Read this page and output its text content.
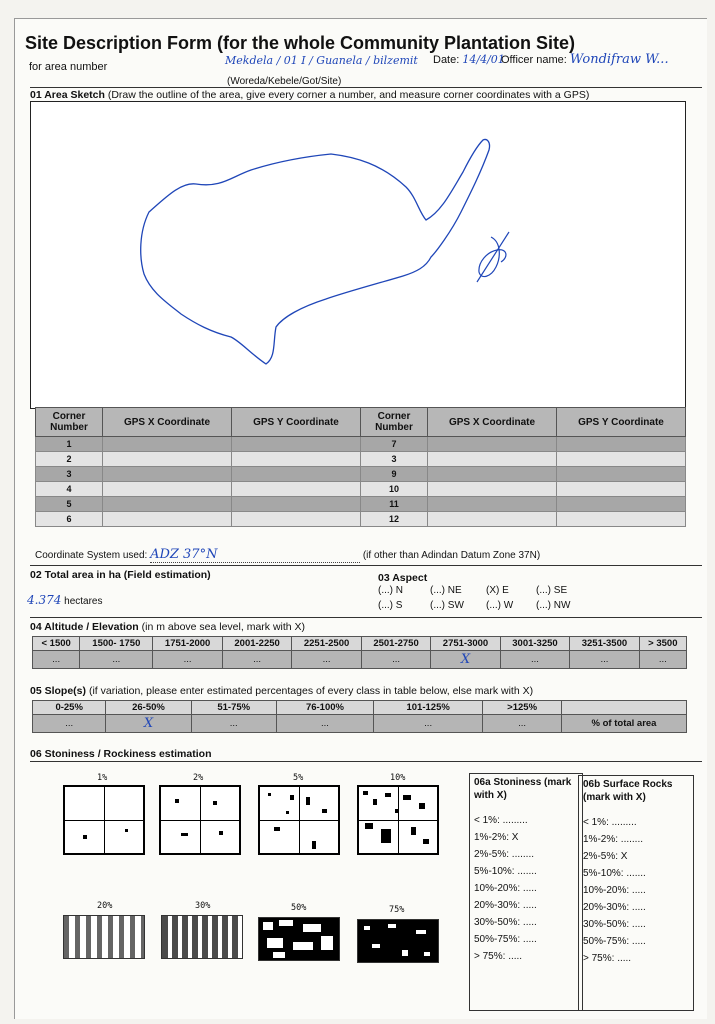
Site Description Form (for the whole Community Plantation Site)
for area number	Mekdela / 01 I / Guanela / bilzemit Date: 14/4/01
Officer name: Wondifraw W...
(Woreda/Kebele/Got/Site)
01 Area Sketch (Draw the outline of the area, give every corner a number, and measure corner coordinates with a GPS)
Corner Number	GPS X Coordinate	GPS Y Coordinate	Corner Number	GPS X Coordinate	GPS Y Coordinate
1			7		
2			3		
3			9		
4			10		
5			11		
6			12		
Coordinate System used: ADZ 37°N	(if other than Adindan Datum Zone 37N)
02 Total area in ha (Field estimation)
4.374 hectares
03 Aspect
(...) N	(...) NE	(X) E	(...) SE
(...) S	(...) SW	(...) W	(...) NW
04 Altitude / Elevation (in m above sea level, mark with X)
< 1500	1500- 1750	1751-2000	2001-2250	2251-2500	2501-2750	2751-3000	3001-3250	3251-3500	> 3500
...	...	...	...	...	...	X	...	...	...
05 Slope(s) (if variation, please enter estimated percentages of every class in table below, else mark with X)
0-25%	26-50%	51-75%	76-100%	101-125%	>125%	
...	X	...	...	...	...	% of total area
06 Stoniness / Rockiness estimation
1%	2%	5%	10%
20%	30%	50%	75%
06a Stoniness (mark with X)
< 1%: .........
1%-2%: X
2%-5%: ........
5%-10%: .......
10%-20%: .....
20%-30%: .....
30%-50%: .....
50%-75%: .....
> 75%: .....
06b Surface Rocks (mark with X)
< 1%: .........
1%-2%: ........
2%-5%: X
5%-10%: .......
10%-20%: .....
20%-30%: .....
30%-50%: .....
50%-75%: .....
> 75%: .....
